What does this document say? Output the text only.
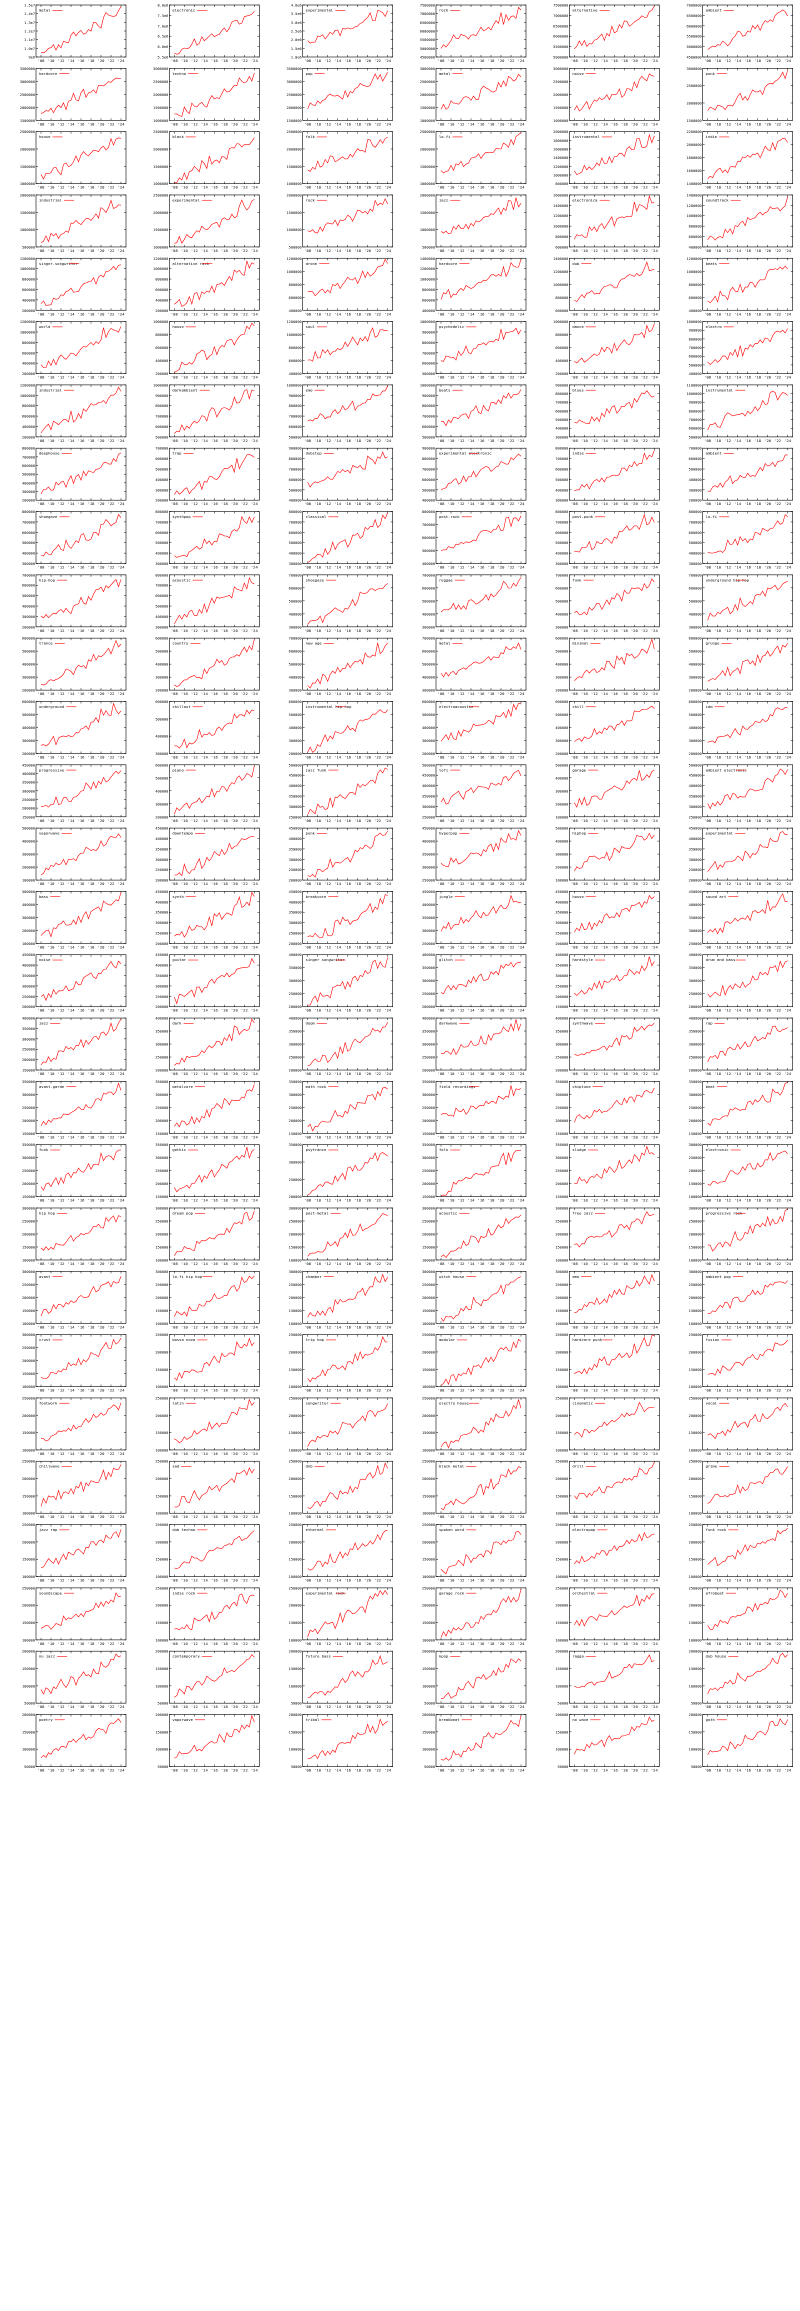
1.5e7
1.4e7
1.3e7
1.2e7
1.1e7
1.0e7
9e6
'08 '10 '12 '14 '16 '18 '20 '22 '24
metal
8.0e6
7.5e6
7.0e6
6.5e6
6.0e6
5.5e6
'08 '10 '12 '14 '16 '18 '20 '22 '24
electronic
4.0e6
3.5e6
3.0e6
2.5e6
2.0e6
1.5e6
1.0e6
'08 '10 '12 '14 '16 '18 '20 '22 '24
experimental
7500000
7000000
6500000
6000000
5500000
5000000
4500000
'08 '10 '12 '14 '16 '18 '20 '22 '24
rock
7500000
7000000
6500000
6000000
5500000
5000000
'08 '10 '12 '14 '16 '18 '20 '22 '24
alternative
7000000
6500000
6000000
5500000
5000000
4500000
'08 '10 '12 '14 '16 '18 '20 '22 '24
ambient
3500000
3000000
2500000
2000000
1500000
'08 '10 '12 '14 '16 '18 '20 '22 '24
hardcore
3000000
2500000
2000000
1500000
1000000
'08 '10 '12 '14 '16 '18 '20 '22 '24
techno
3500000
3000000
2500000
2000000
1500000
'08 '10 '12 '14 '16 '18 '20 '22 '24
pop
3000000
2500000
2000000
1500000
1000000
'08 '10 '12 '14 '16 '18 '20 '22 '24
metal
3000000
2500000
2000000
1500000
1000000
'08 '10 '12 '14 '16 '18 '20 '22 '24
noise
3000000
2500000
2000000
1500000
'08 '10 '12 '14 '16 '18 '20 '22 '24
punk
2500000
2000000
1500000
1000000
'08 '10 '12 '14 '16 '18 '20 '22 '24
house
2500000
2000000
1500000
1000000
'08 '10 '12 '14 '16 '18 '20 '22 '24
black
2500000
2000000
1500000
1000000
'08 '10 '12 '14 '16 '18 '20 '22 '24
folk
2500000
2000000
1500000
1000000
'08 '10 '12 '14 '16 '18 '20 '22 '24
lo-fi
2000000
1800000
1600000
1400000
1200000
1000000
800000
'08 '10 '12 '14 '16 '18 '20 '22 '24
instrumental
2200000
2000000
1800000
1600000
1400000
'08 '10 '12 '14 '16 '18 '20 '22 '24
indie
2000000
1500000
1000000
500000
'08 '10 '12 '14 '16 '18 '20 '22 '24
industrial
2500000
2000000
1500000
1000000
'08 '10 '12 '14 '16 '18 '20 '22 '24
experimental
2000000
1500000
1000000
500000
'08 '10 '12 '14 '16 '18 '20 '22 '24
rock
2000000
1500000
1000000
500000
'08 '10 '12 '14 '16 '18 '20 '22 '24
jazz
1600000
1400000
1200000
1000000
800000
600000
'08 '10 '12 '14 '16 '18 '20 '22 '24
electronica
1400000
1200000
1000000
800000
600000
400000
'08 '10 '12 '14 '16 '18 '20 '22 '24
soundtrack
1200000
1000000
800000
600000
400000
200000
'08 '10 '12 '14 '16 '18 '20 '22 '24
singer-songwriter
1200000
1000000
800000
600000
400000
200000
'08 '10 '12 '14 '16 '18 '20 '22 '24
alternative rock
1200000
1000000
800000
600000
400000
'08 '10 '12 '14 '16 '18 '20 '22 '24
drone
1400000
1200000
1000000
800000
600000
400000
'08 '10 '12 '14 '16 '18 '20 '22 '24
hardcore
1400000
1200000
1000000
800000
600000
'08 '10 '12 '14 '16 '18 '20 '22 '24
dub
1200000
1000000
800000
600000
400000
'08 '10 '12 '14 '16 '18 '20 '22 '24
beats
1200000
1000000
800000
600000
400000
200000
'08 '10 '12 '14 '16 '18 '20 '22 '24
world
1000000
800000
600000
400000
200000
'08 '10 '12 '14 '16 '18 '20 '22 '24
house
1200000
1000000
800000
600000
400000
'08 '10 '12 '14 '16 '18 '20 '22 '24
soul
1000000
900000
800000
700000
600000
500000
'08 '10 '12 '14 '16 '18 '20 '22 '24
psychedelic
1000000
800000
600000
400000
200000
'08 '10 '12 '14 '16 '18 '20 '22 '24
dance
1000000
900000
800000
700000
600000
500000
400000
'08 '10 '12 '14 '16 '18 '20 '22 '24
electro
1200000
1000000
800000
600000
400000
200000
'08 '10 '12 '14 '16 '18 '20 '22 '24
industrial
1000000
900000
800000
700000
600000
500000
'08 '10 '12 '14 '16 '18 '20 '22 '24
darkambient
1000000
900000
800000
700000
600000
500000
'08 '10 '12 '14 '16 '18 '20 '22 '24
emo
1000000
900000
800000
700000
600000
500000
'08 '10 '12 '14 '16 '18 '20 '22 '24
beats
900000
800000
700000
600000
500000
400000
300000
'08 '10 '12 '14 '16 '18 '20 '22 '24
blues
1100000
1000000
900000
800000
700000
600000
500000
'08 '10 '12 '14 '16 '18 '20 '22 '24
instrumental
800000
700000
600000
500000
400000
300000
200000
'08 '10 '12 '14 '16 '18 '20 '22 '24
deephouse
700000
600000
500000
400000
300000
200000
'08 '10 '12 '14 '16 '18 '20 '22 '24
trap
900000
800000
700000
600000
500000
400000
'08 '10 '12 '14 '16 '18 '20 '22 '24
dubstep
900000
800000
700000
600000
500000
400000
'08 '10 '12 '14 '16 '18 '20 '22 '24
experimental electronic
800000
700000
600000
500000
400000
300000
'08 '10 '12 '14 '16 '18 '20 '22 '24
indie
700000
600000
500000
400000
300000
200000
'08 '10 '12 '14 '16 '18 '20 '22 '24
ambient
800000
700000
600000
500000
400000
300000
'08 '10 '12 '14 '16 '18 '20 '22 '24
shoegaze
800000
700000
600000
500000
400000
300000
'08 '10 '12 '14 '16 '18 '20 '22 '24
synthpop
800000
700000
600000
500000
400000
300000
'08 '10 '12 '14 '16 '18 '20 '22 '24
classical
800000
700000
600000
500000
400000
'08 '10 '12 '14 '16 '18 '20 '22 '24
post-rock
800000
700000
600000
500000
400000
300000
'08 '10 '12 '14 '16 '18 '20 '22 '24
post-punk
800000
700000
600000
500000
400000
300000
'08 '10 '12 '14 '16 '18 '20 '22 '24
lo-fi
700000
600000
500000
400000
300000
200000
'08 '10 '12 '14 '16 '18 '20 '22 '24
hip-hop
800000
700000
600000
500000
400000
300000
'08 '10 '12 '14 '16 '18 '20 '22 '24
acoustic
700000
600000
500000
400000
300000
'08 '10 '12 '14 '16 '18 '20 '22 '24
shoegaze
700000
600000
500000
400000
300000
'08 '10 '12 '14 '16 '18 '20 '22 '24
reggae
700000
600000
500000
400000
300000
'08 '10 '12 '14 '16 '18 '20 '22 '24
funk
700000
600000
500000
400000
300000
'08 '10 '12 '14 '16 '18 '20 '22 '24
underground hip hop
600000
500000
400000
300000
200000
'08 '10 '12 '14 '16 '18 '20 '22 '24
trance
600000
500000
400000
300000
200000
'08 '10 '12 '14 '16 '18 '20 '22 '24
country
700000
600000
500000
400000
300000
'08 '10 '12 '14 '16 '18 '20 '22 '24
new age
700000
600000
500000
400000
300000
'08 '10 '12 '14 '16 '18 '20 '22 '24
metal
600000
500000
400000
300000
200000
'08 '10 '12 '14 '16 '18 '20 '22 '24
minimal
600000
500000
400000
300000
200000
'08 '10 '12 '14 '16 '18 '20 '22 '24
grunge
600000
500000
400000
300000
200000
'08 '10 '12 '14 '16 '18 '20 '22 '24
underground
600000
500000
400000
300000
'08 '10 '12 '14 '16 '18 '20 '22 '24
chillout
600000
500000
400000
300000
200000
'08 '10 '12 '14 '16 '18 '20 '22 '24
instrumental hip hop
600000
500000
400000
300000
200000
'08 '10 '12 '14 '16 '18 '20 '22 '24
electroacoustic
600000
500000
400000
300000
200000
'08 '10 '12 '14 '16 '18 '20 '22 '24
chill
600000
500000
400000
300000
200000
'08 '10 '12 '14 '16 '18 '20 '22 '24
idm
450000
400000
350000
300000
250000
200000
150000
'08 '10 '12 '14 '16 '18 '20 '22 '24
progressive
600000
500000
400000
300000
200000
'08 '10 '12 '14 '16 '18 '20 '22 '24
piano
500000
450000
400000
350000
300000
250000
'08 '10 '12 '14 '16 '18 '20 '22 '24
jazz funk
500000
450000
400000
350000
300000
250000
'08 '10 '12 '14 '16 '18 '20 '22 '24
lofi
500000
400000
300000
200000
100000
'08 '10 '12 '14 '16 '18 '20 '22 '24
garage
500000
450000
400000
350000
300000
250000
'08 '10 '12 '14 '16 '18 '20 '22 '24
ambient electronic
500000
400000
300000
200000
100000
'08 '10 '12 '14 '16 '18 '20 '22 '24
vaporwave
450000
400000
350000
300000
250000
200000
'08 '10 '12 '14 '16 '18 '20 '22 '24
downtempo
450000
400000
350000
300000
250000
200000
'08 '10 '12 '14 '16 '18 '20 '22 '24
punk
450000
400000
350000
300000
250000
'08 '10 '12 '14 '16 '18 '20 '22 '24
hyperpop
500000
400000
300000
200000
100000
'08 '10 '12 '14 '16 '18 '20 '22 '24
hiphop
450000
400000
350000
300000
250000
200000
'08 '10 '12 '14 '16 '18 '20 '22 '24
experimental
500000
400000
300000
200000
100000
'08 '10 '12 '14 '16 '18 '20 '22 '24
bass
450000
400000
350000
300000
250000
200000
'08 '10 '12 '14 '16 '18 '20 '22 '24
synth
450000
400000
350000
300000
250000
200000
'08 '10 '12 '14 '16 '18 '20 '22 '24
breakcore
450000
400000
350000
300000
250000
'08 '10 '12 '14 '16 '18 '20 '22 '24
jungle
450000
400000
350000
300000
250000
200000
'08 '10 '12 '14 '16 '18 '20 '22 '24
house
450000
400000
350000
300000
250000
'08 '10 '12 '14 '16 '18 '20 '22 '24
sound art
450000
400000
350000
300000
250000
200000
'08 '10 '12 '14 '16 '18 '20 '22 '24
noise
450000
400000
350000
300000
250000
200000
'08 '10 '12 '14 '16 '18 '20 '22 '24
guitar
400000
350000
300000
250000
200000
'08 '10 '12 '14 '16 '18 '20 '22 '24
singer songwriter
400000
350000
300000
250000
200000
'08 '10 '12 '14 '16 '18 '20 '22 '24
glitch
400000
350000
300000
250000
200000
150000
'08 '10 '12 '14 '16 '18 '20 '22 '24
hardstyle
400000
350000
300000
250000
200000
'08 '10 '12 '14 '16 '18 '20 '22 '24
drum and bass
400000
350000
300000
250000
200000
150000
'08 '10 '12 '14 '16 '18 '20 '22 '24
jazz
400000
350000
300000
250000
200000
'08 '10 '12 '14 '16 '18 '20 '22 '24
dark
400000
350000
300000
250000
200000
'08 '10 '12 '14 '16 '18 '20 '22 '24
doom
400000
350000
300000
250000
200000
'08 '10 '12 '14 '16 '18 '20 '22 '24
darkwave
400000
350000
300000
250000
200000
'08 '10 '12 '14 '16 '18 '20 '22 '24
synthwave
400000
350000
300000
250000
200000
'08 '10 '12 '14 '16 '18 '20 '22 '24
rap
350000
300000
250000
200000
150000
'08 '10 '12 '14 '16 '18 '20 '22 '24
avant-garde
350000
300000
250000
200000
150000
'08 '10 '12 '14 '16 '18 '20 '22 '24
metalcore
350000
300000
250000
200000
150000
'08 '10 '12 '14 '16 '18 '20 '22 '24
math rock
350000
300000
250000
200000
150000
'08 '10 '12 '14 '16 '18 '20 '22 '24
field recordings
350000
300000
250000
200000
150000
'08 '10 '12 '14 '16 '18 '20 '22 '24
chiptune
350000
300000
250000
200000
150000
'08 '10 '12 '14 '16 '18 '20 '22 '24
beat
350000
300000
250000
200000
150000
'08 '10 '12 '14 '16 '18 '20 '22 '24
funk
350000
300000
250000
200000
150000
'08 '10 '12 '14 '16 '18 '20 '22 '24
gothic
350000
300000
250000
200000
'08 '10 '12 '14 '16 '18 '20 '22 '24
psytrance
350000
300000
250000
200000
150000
'08 '10 '12 '14 '16 '18 '20 '22 '24
folk
350000
300000
250000
200000
150000
'08 '10 '12 '14 '16 '18 '20 '22 '24
sludge
300000
250000
200000
150000
100000
'08 '10 '12 '14 '16 '18 '20 '22 '24
electronic
300000
250000
200000
150000
100000
'08 '10 '12 '14 '16 '18 '20 '22 '24
hip hop
300000
250000
200000
150000
100000
'08 '10 '12 '14 '16 '18 '20 '22 '24
dream pop
300000
250000
200000
150000
100000
'08 '10 '12 '14 '16 '18 '20 '22 '24
post-metal
300000
250000
200000
150000
100000
'08 '10 '12 '14 '16 '18 '20 '22 '24
acoustic
300000
250000
200000
150000
100000
'08 '10 '12 '14 '16 '18 '20 '22 '24
free jazz
300000
250000
200000
150000
100000
'08 '10 '12 '14 '16 '18 '20 '22 '24
progressive rock
300000
250000
200000
150000
100000
'08 '10 '12 '14 '16 '18 '20 '22 '24
avant
300000
250000
200000
150000
100000
'08 '10 '12 '14 '16 '18 '20 '22 '24
lo-fi hip hop
300000
250000
200000
150000
100000
'08 '10 '12 '14 '16 '18 '20 '22 '24
chamber
300000
250000
200000
150000
100000
'08 '10 '12 '14 '16 '18 '20 '22 '24
witch house
300000
250000
200000
150000
100000
'08 '10 '12 '14 '16 '18 '20 '22 '24
emo
300000
250000
200000
150000
100000
'08 '10 '12 '14 '16 '18 '20 '22 '24
ambient pop
300000
250000
200000
150000
100000
'08 '10 '12 '14 '16 '18 '20 '22 '24
crust
250000
200000
150000
100000
'08 '10 '12 '14 '16 '18 '20 '22 '24
bossa nova
250000
200000
150000
100000
'08 '10 '12 '14 '16 '18 '20 '22 '24
trip hop
250000
200000
150000
100000
'08 '10 '12 '14 '16 '18 '20 '22 '24
modular
250000
200000
150000
100000
'08 '10 '12 '14 '16 '18 '20 '22 '24
hardcore punk
250000
200000
150000
100000
'08 '10 '12 '14 '16 '18 '20 '22 '24
fusion
250000
200000
150000
100000
'08 '10 '12 '14 '16 '18 '20 '22 '24
footwork
250000
200000
150000
100000
'08 '10 '12 '14 '16 '18 '20 '22 '24
latin
250000
200000
150000
100000
'08 '10 '12 '14 '16 '18 '20 '22 '24
songwriter
250000
200000
150000
100000
'08 '10 '12 '14 '16 '18 '20 '22 '24
electro house
250000
200000
150000
100000
'08 '10 '12 '14 '16 '18 '20 '22 '24
cinematic
250000
200000
150000
100000
'08 '10 '12 '14 '16 '18 '20 '22 '24
vocal
250000
200000
150000
100000
'08 '10 '12 '14 '16 '18 '20 '22 '24
chillwave
250000
200000
150000
100000
'08 '10 '12 '14 '16 '18 '20 '22 '24
sad
250000
200000
150000
100000
'08 '10 '12 '14 '16 '18 '20 '22 '24
dnb
250000
200000
150000
100000
'08 '10 '12 '14 '16 '18 '20 '22 '24
black metal
250000
200000
150000
100000
'08 '10 '12 '14 '16 '18 '20 '22 '24
drill
250000
200000
150000
100000
'08 '10 '12 '14 '16 '18 '20 '22 '24
grime
250000
200000
150000
100000
'08 '10 '12 '14 '16 '18 '20 '22 '24
jazz rap
250000
200000
150000
100000
'08 '10 '12 '14 '16 '18 '20 '22 '24
dub techno
250000
200000
150000
100000
'08 '10 '12 '14 '16 '18 '20 '22 '24
ethereal
250000
200000
150000
100000
'08 '10 '12 '14 '16 '18 '20 '22 '24
spoken word
250000
200000
150000
100000
'08 '10 '12 '14 '16 '18 '20 '22 '24
electropop
250000
200000
150000
100000
'08 '10 '12 '14 '16 '18 '20 '22 '24
funk rock
250000
200000
150000
100000
'08 '10 '12 '14 '16 '18 '20 '22 '24
soundscape
250000
200000
150000
100000
'08 '10 '12 '14 '16 '18 '20 '22 '24
indie rock
250000
200000
150000
100000
'08 '10 '12 '14 '16 '18 '20 '22 '24
experimental rock
250000
200000
150000
100000
'08 '10 '12 '14 '16 '18 '20 '22 '24
garage rock
250000
200000
150000
100000
'08 '10 '12 '14 '16 '18 '20 '22 '24
orchestral
250000
200000
150000
100000
'08 '10 '12 '14 '16 '18 '20 '22 '24
afrobeat
200000
150000
100000
50000
'08 '10 '12 '14 '16 '18 '20 '22 '24
nu jazz
200000
150000
100000
50000
'08 '10 '12 '14 '16 '18 '20 '22 '24
contemporary
200000
150000
100000
50000
'08 '10 '12 '14 '16 '18 '20 '22 '24
future bass
200000
150000
100000
50000
'08 '10 '12 '14 '16 '18 '20 '22 '24
kpop
200000
150000
100000
50000
'08 '10 '12 '14 '16 '18 '20 '22 '24
ragga
200000
150000
100000
50000
'08 '10 '12 '14 '16 '18 '20 '22 '24
dub house
200000
150000
100000
50000
'08 '10 '12 '14 '16 '18 '20 '22 '24
poetry
200000
150000
100000
50000
'08 '10 '12 '14 '16 '18 '20 '22 '24
vaporwave
200000
150000
100000
50000
'08 '10 '12 '14 '16 '18 '20 '22 '24
tribal
200000
150000
100000
50000
'08 '10 '12 '14 '16 '18 '20 '22 '24
breakbeat
200000
150000
100000
50000
'08 '10 '12 '14 '16 '18 '20 '22 '24
no wave
200000
150000
100000
50000
'08 '10 '12 '14 '16 '18 '20 '22 '24
goth
